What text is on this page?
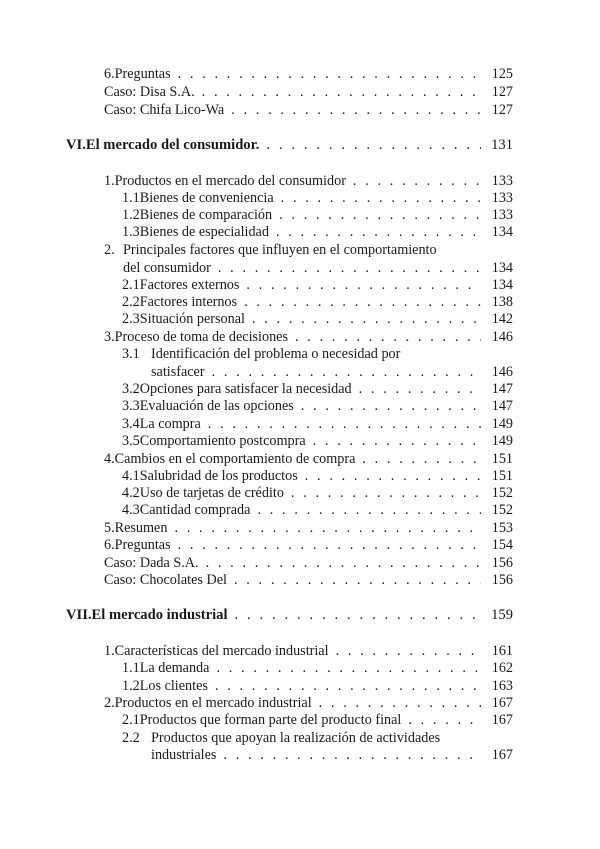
6. Preguntas . . .	125
Caso: Disa S.A. . . .	127
Caso: Chifa Lico-Wa . . .	127
VI. El mercado del consumidor. . . .	131
1. Productos en el mercado del consumidor . . .	133
1.1 Bienes de conveniencia . . .	133
1.2 Bienes de comparación . . .	133
1.3 Bienes de especialidad . . .	134
2. Principales factores que influyen en el comportamiento
del consumidor . . .	134
2.1 Factores externos . . .	134
2.2 Factores internos . . .	138
2.3 Situación personal . . .	142
3. Proceso de toma de decisiones . . .	146
3.1 Identificación del problema o necesidad por
satisfacer . . .	146
3.2 Opciones para satisfacer la necesidad . . .	147
3.3 Evaluación de las opciones . . .	147
3.4 La compra . . .	149
3.5 Comportamiento postcompra . . .	149
4. Cambios en el comportamiento de compra . . .	151
4.1 Salubridad de los productos . . .	151
4.2 Uso de tarjetas de crédito . . .	152
4.3 Cantidad comprada . . .	152
5. Resumen . . .	153
6. Preguntas . . .	154
Caso: Dada S.A. . . .	156
Caso: Chocolates Del . . .	156
VII. El mercado industrial . . .	159
1. Características del mercado industrial . . .	161
1.1 La demanda . . .	162
1.2 Los clientes . . .	163
2. Productos en el mercado industrial . . .	167
2.1 Productos que forman parte del producto final . . .	167
2.2 Productos que apoyan la realización de actividades
industriales . . .	167
